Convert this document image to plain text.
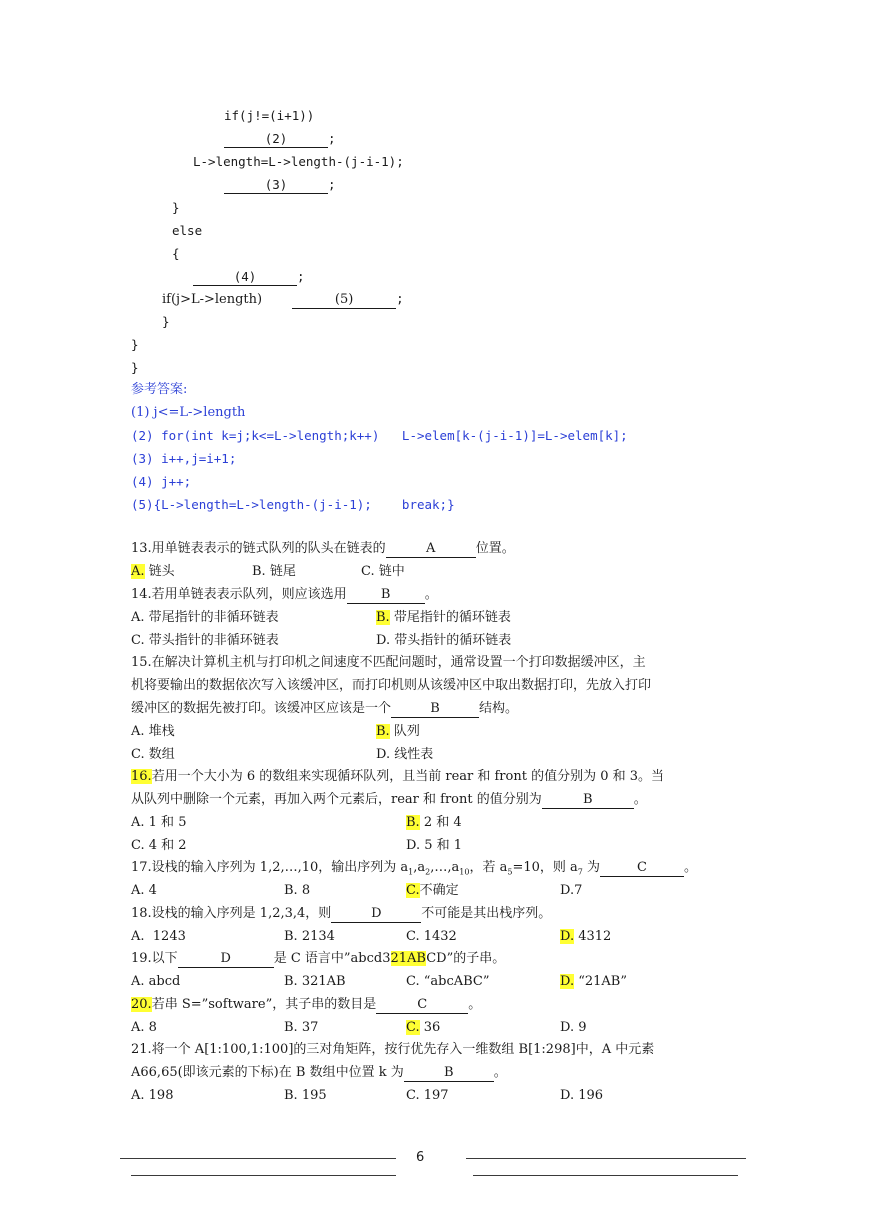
if(j!=(i+1))
(2)	;
L->length=L->length-(j-i-1);
(3)	;
}
else
{
(4)	;
if(j>L->length)	(5)	;
}
}
}
参考答案:
(1) j<=L->length
(2) for(int k=j;k<=L->length;k++)   L->elem[k-(j-i-1)]=L->elem[k];
(3) i++,j=i+1;
(4) j++;
(5){L->length=L->length-(j-i-1);    break;}
13.用单链表表示的链式队列的队头在链表的	A	位置。
A. 链头	B. 链尾	C. 链中
14.若用单链表表示队列，则应该选用	B	。
A. 带尾指针的非循环链表	B. 带尾指针的循环链表
C. 带头指针的非循环链表	D. 带头指针的循环链表
15.在解决计算机主机与打印机之间速度不匹配问题时，通常设置一个打印数据缓冲区，主
机将要输出的数据依次写入该缓冲区，而打印机则从该缓冲区中取出数据打印，先放入打印
缓冲区的数据先被打印。该缓冲区应该是一个	B	结构。
A. 堆栈	B. 队列
C. 数组	D. 线性表
16.若用一个大小为 6 的数组来实现循环队列，且当前 rear 和 front 的值分别为 0 和 3。当
从队列中删除一个元素，再加入两个元素后，rear 和 front 的值分别为	B	。
A. 1 和 5	B. 2 和 4
C. 4 和 2	D. 5 和 1
17.设栈的输入序列为 1,2,…,10，输出序列为 $a_1,a_2,\dots,a_{10}$，若 $a_5=10$，则 $a_7$ 为	C	。
A. 4	B. 8	C.不确定	D.7
18.设栈的输入序列是 1,2,3,4，则	D	不可能是其出栈序列。
A.  1243	B. 2134	C. 1432	D. 4312
19.以下	D	是 C 语言中”abcd321ABCD”的子串。
A. abcd	B. 321AB	C. “abcABC”	D. “21AB”
20.若串 S=”software”，其子串的数目是	C	。
A. 8	B. 37	C. 36	D. 9
21.将一个 A[1:100,1:100]的三对角矩阵，按行优先存入一维数组 B[1:298]中，A 中元素
A66,65(即该元素的下标)在 B 数组中位置 k 为	B	。
A. 198	B. 195	C. 197	D. 196
6
